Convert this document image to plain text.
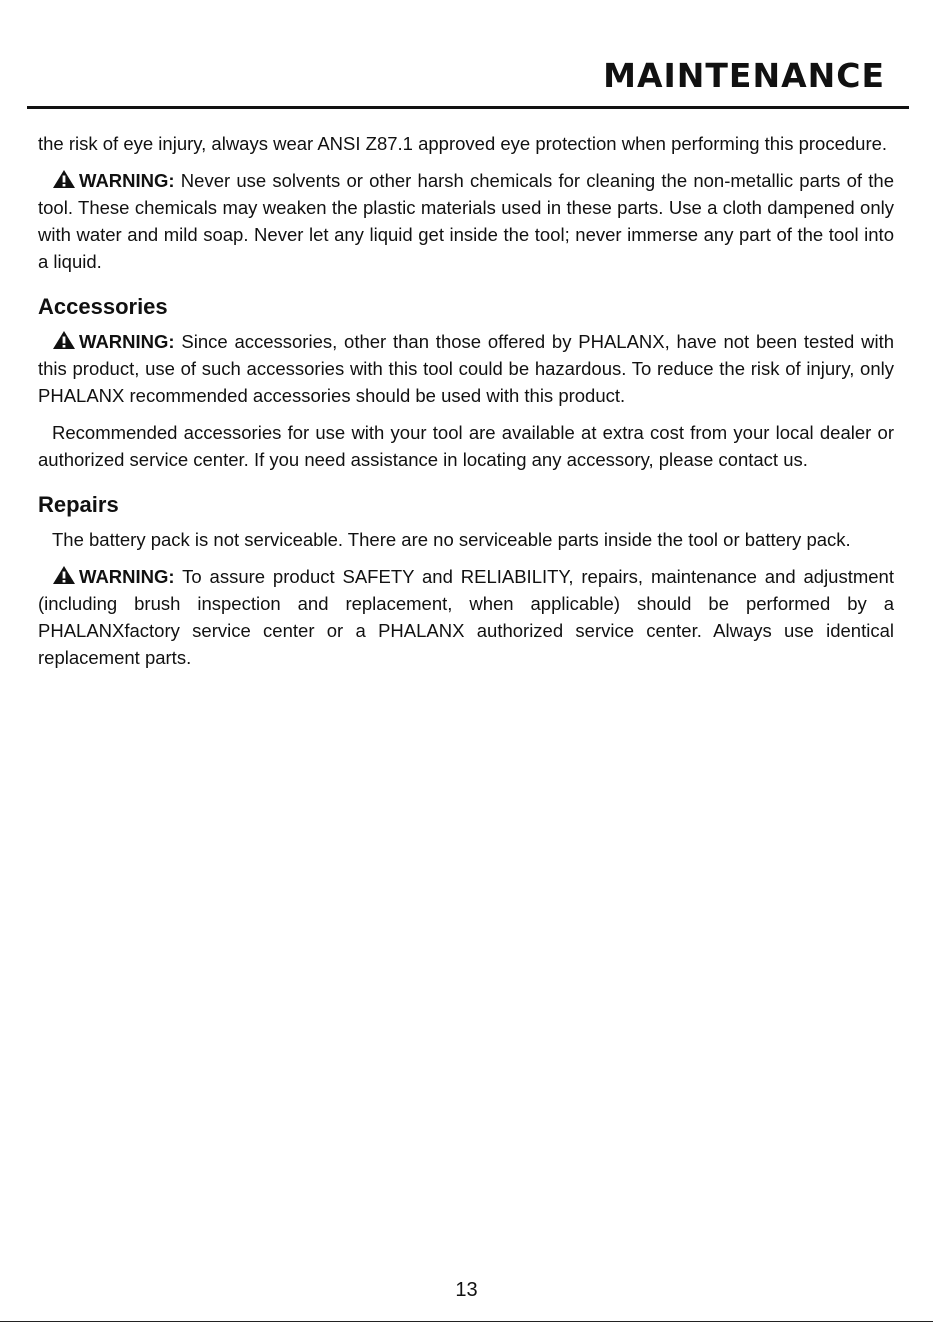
MAINTENANCE

the risk of eye injury, always wear ANSI Z87.1 approved eye protection when performing this procedure.

WARNING: Never use solvents or other harsh chemicals for cleaning the non-metallic parts of the tool. These chemicals may weaken the plastic materials used in these parts. Use a cloth dampened only with water and mild soap. Never let any liquid get inside the tool; never immerse any part of the tool into a liquid.

Accessories

WARNING: Since accessories, other than those offered by PHALANX, have not been tested with this product, use of such accessories with this tool could be hazardous. To reduce the risk of injury, only PHALANX recommended accessories should be used with this product.

Recommended accessories for use with your tool are available at extra cost from your local dealer or authorized service center. If you need assistance in locating any accessory, please contact us.

Repairs

The battery pack is not serviceable. There are no serviceable parts inside the tool or battery pack.

WARNING: To assure product SAFETY and RELIABILITY, repairs, maintenance and adjustment (including brush inspection and replacement, when applicable) should be performed by a PHALANXfactory service center or a PHALANX authorized service center. Always use identical replacement parts.

13
